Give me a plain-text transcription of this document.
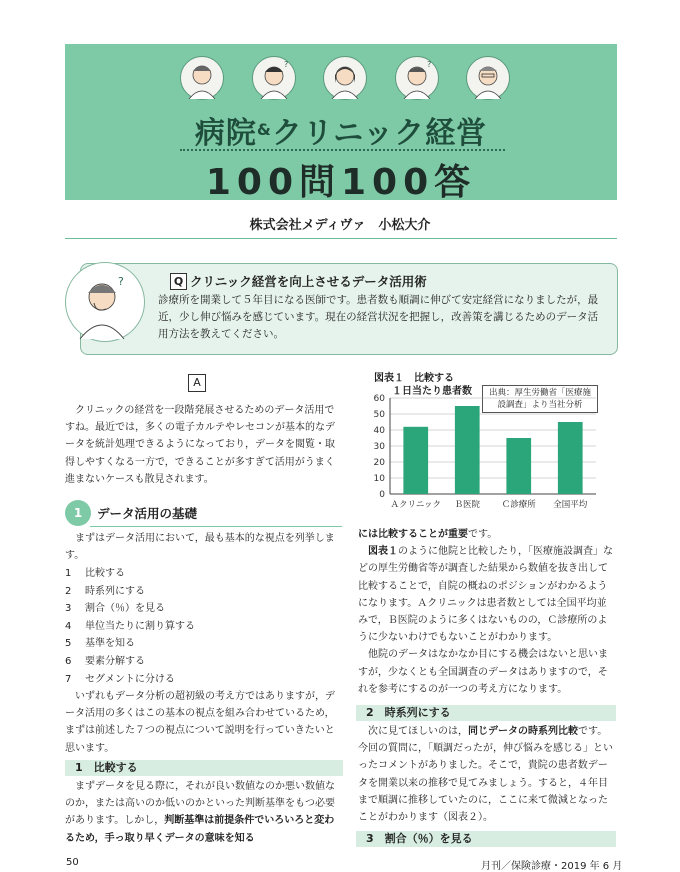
?	?
病院&クリニック経営
100問100答
株式会社メディヴァ　小松大介
?	Q クリニック経営を向上させるデータ活用術
診療所を開業して５年目になる医師です。患者数も順調に伸びて安定経営になりましたが，最近，少し伸び悩みを感じています。現在の経営状況を把握し，改善策を講じるためのデータ活用方法を教えてください。
A

クリニックの経営を一段階発展させるためのデータ活用ですね。最近では，多くの電子カルテやレセコンが基本的なデータを統計処理できるようになっており，データを閲覧・取得しやすくなる一方で，できることが多すぎて活用がうまく進まないケースも散見されます。

1	データ活用の基礎

まずはデータ活用において，最も基本的な視点を列挙します。

1 比較する
2 時系列にする
3 割合（％）を見る
4 単位当たりに割り算する
5 基準を知る
6 要素分解する
7 セグメントに分ける

いずれもデータ分析の超初級の考え方ではありますが，データ活用の多くはこの基本の視点を組み合わせているため，まずは前述した７つの視点について説明を行っていきたいと思います。

1　比較する

まずデータを見る際に，それが良い数値なのか悪い数値なのか，または高いのか低いのかといった判断基準をもつ必要があります。しかし，判断基準は前提条件でいろいろと変わるため，手っ取り早くデータの意味を知る

図表１　比較する
１日当たり患者数	出典：厚生労働省「医療施設調査」より当社分析
0
10
20
30
40
50
60
Ａクリニック Ｂ医院	Ｃ診療所 全国平均

には比較することが重要です。

図表１のように他院と比較したり，「医療施設調査」などの厚生労働省等が調査した結果から数値を抜き出して比較することで，自院の概ねのポジションがわかるようになります。Ａクリニックは患者数としては全国平均並みで，Ｂ医院のように多くはないものの，Ｃ診療所のように少ないわけでもないことがわかります。

他院のデータはなかなか目にする機会はないと思いますが，少なくとも全国調査のデータはありますので，それを参考にするのが一つの考え方になります。

2　時系列にする

次に見てほしいのは，同じデータの時系列比較です。今回の質問に，「順調だったが，伸び悩みを感じる」といったコメントがありました。そこで，貴院の患者数データを開業以来の推移で見てみましょう。すると，４年目まで順調に推移していたのに，ここに来て微減となったことがわかります（図表２）。

3　割合（％）を見る
50	月刊／保険診療・2019 年 6 月
